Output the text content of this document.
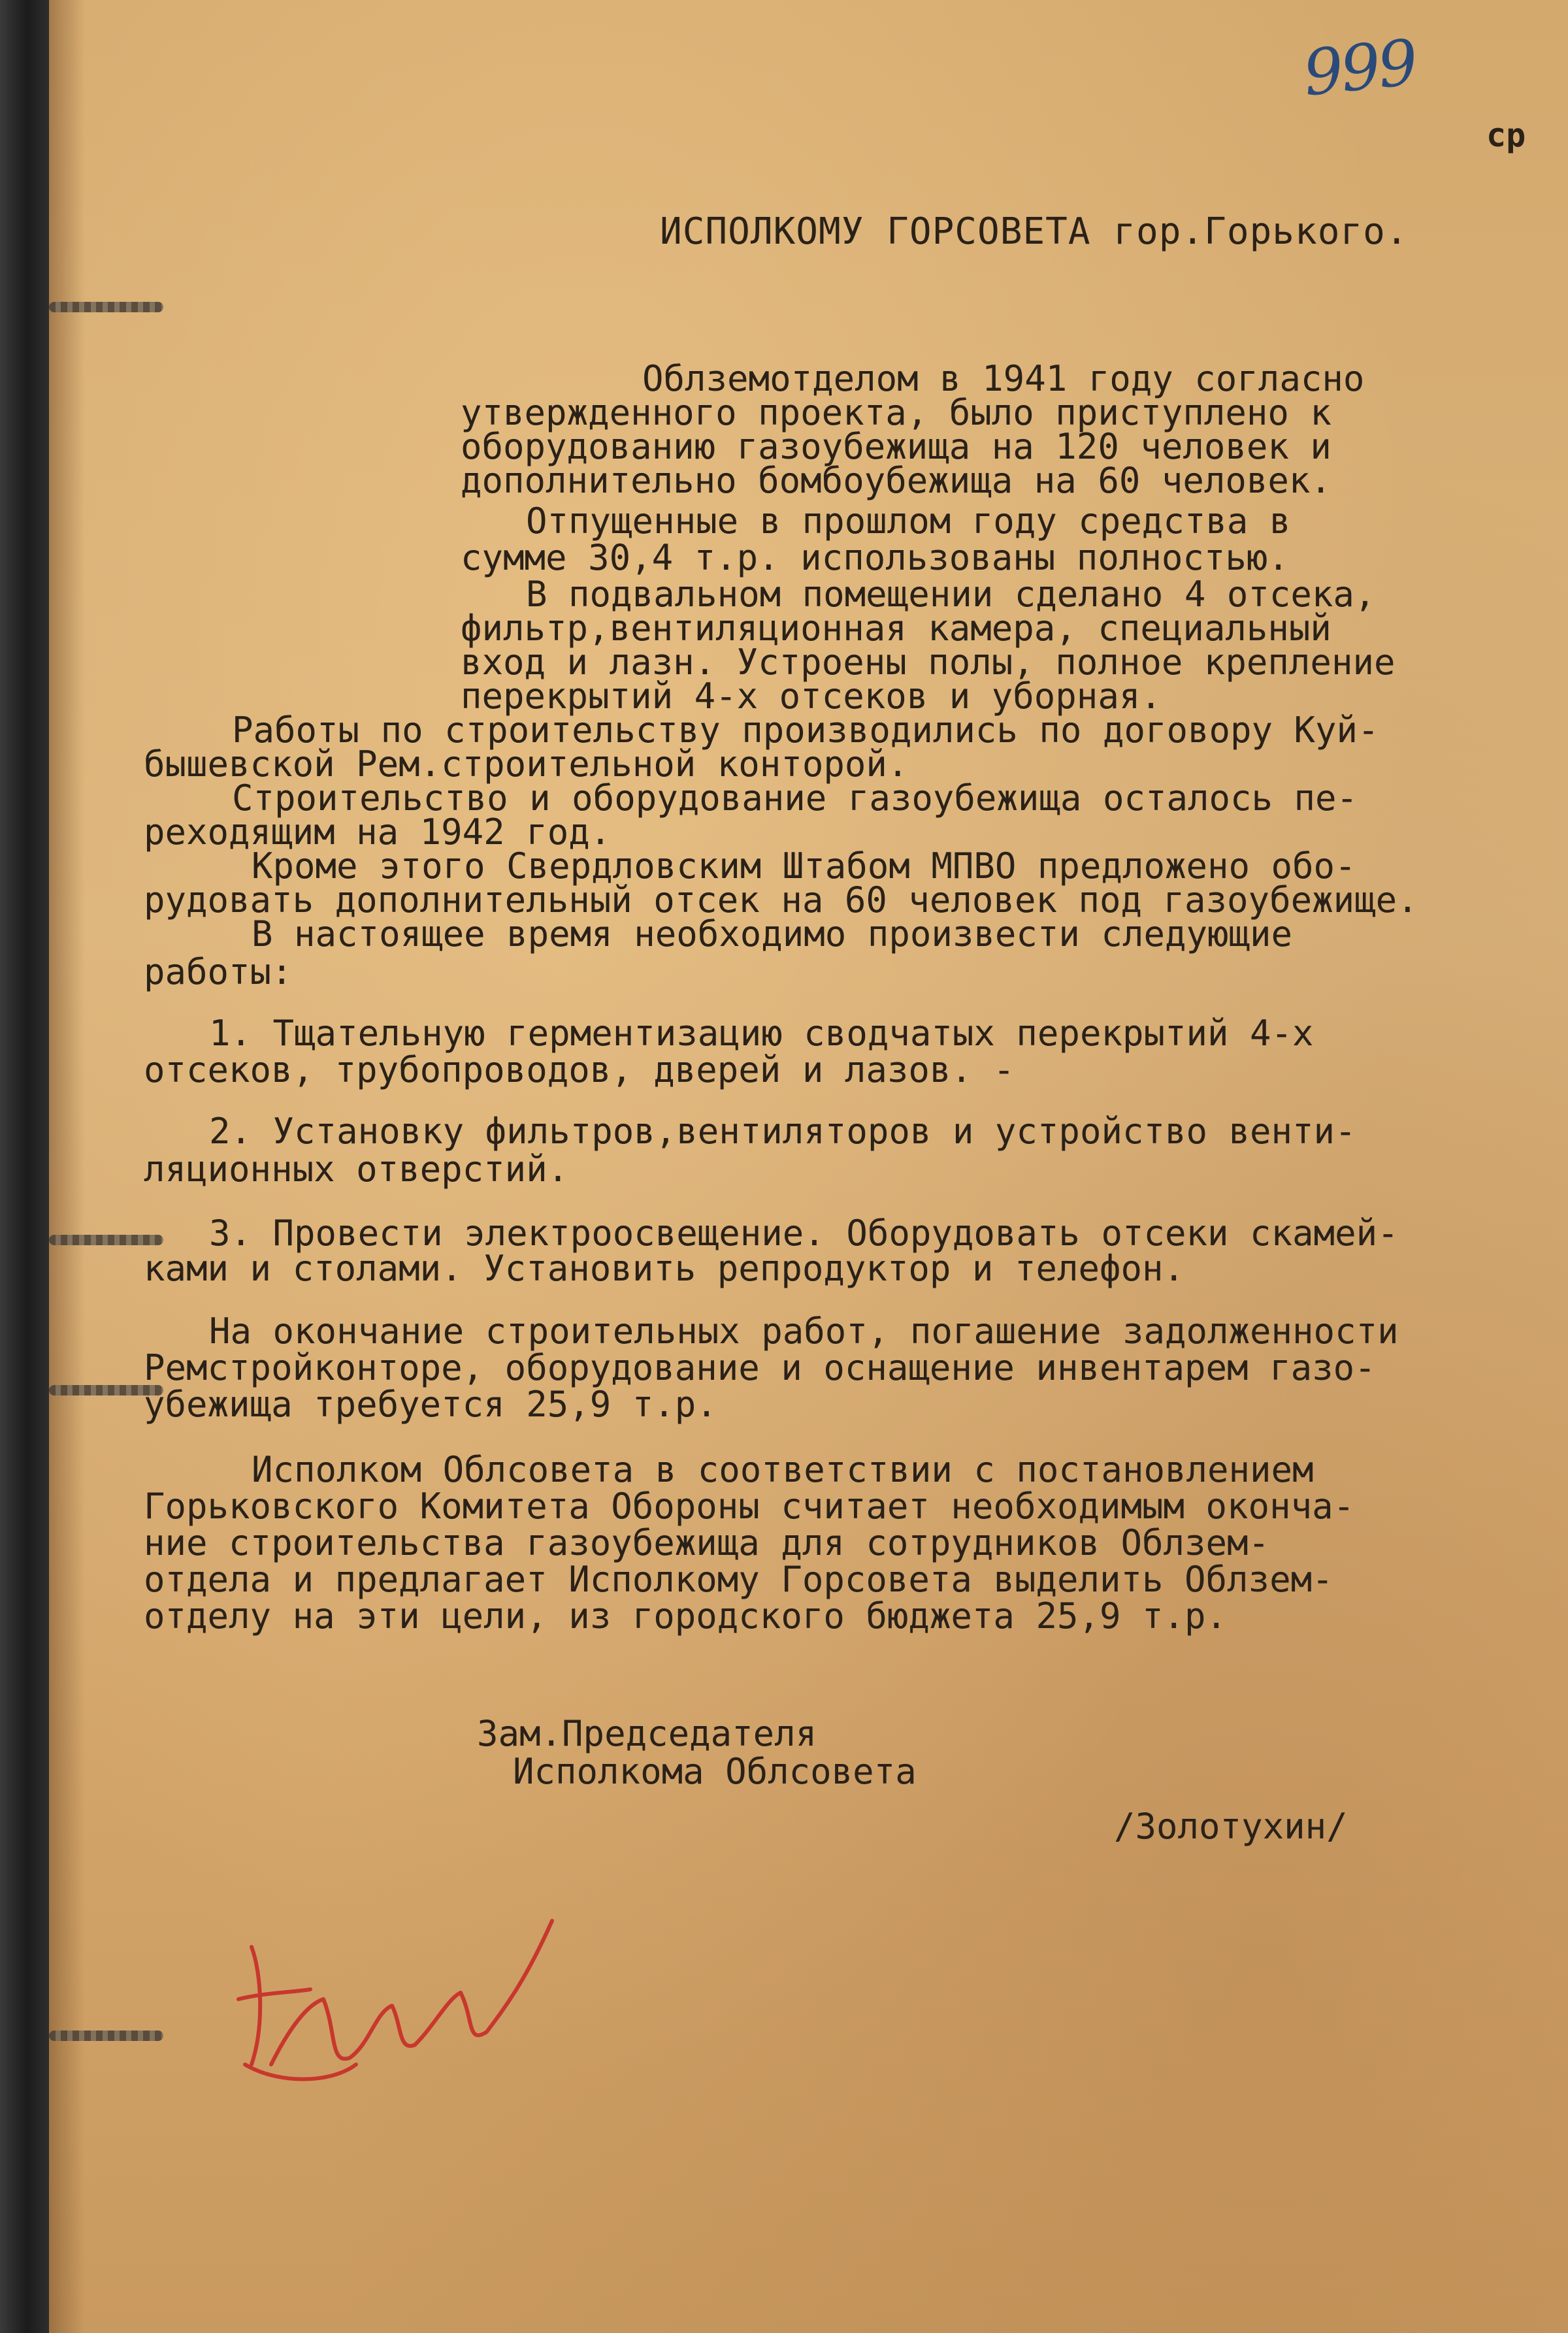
999
ср
ИСПОЛКОМУ ГОРСОВЕТА гор.Горького.
Облземотделом в 1941 году согласно
утвержденного проекта, было приступлено к
оборудованию газоубежища на 120 человек и
дополнительно бомбоубежища на 60 человек.
Отпущенные в прошлом году средства в
сумме 30,4 т.р. использованы полностью.
В подвальном помещении сделано 4 отсека,
фильтр,вентиляционная камера, специальный
вход и лазн. Устроены полы, полное крепление
перекрытий 4-х отсеков и уборная.
Работы по строительству производились по договору Куй-
бышевской Рем.строительной конторой.
Строительство и оборудование газоубежища осталось пе-
реходящим на 1942 год.
Кроме этого Свердловским Штабом МПВО предложено обо-
рудовать дополнительный отсек на 60 человек под газоубежище.
В настоящее время необходимо произвести следующие
работы:
1. Тщательную герментизацию сводчатых перекрытий 4-х
отсеков, трубопроводов, дверей и лазов. -
2. Установку фильтров,вентиляторов и устройство венти-
ляционных отверстий.
3. Провести электроосвещение. Оборудовать отсеки скамей-
ками и столами. Установить репродуктор и телефон.
На окончание строительных работ, погашение задолженности
Ремстройконторе, оборудование и оснащение инвентарем газо-
убежища требуется 25,9 т.р.
Исполком Облсовета в соответствии с постановлением
Горьковского Комитета Обороны считает необходимым оконча-
ние строительства газоубежища для сотрудников Облзем-
отдела и предлагает Исполкому Горсовета выделить Облзем-
отделу на эти цели, из городского бюджета 25,9 т.р.
Зам.Председателя
Исполкома Облсовета
/Золотухин/
